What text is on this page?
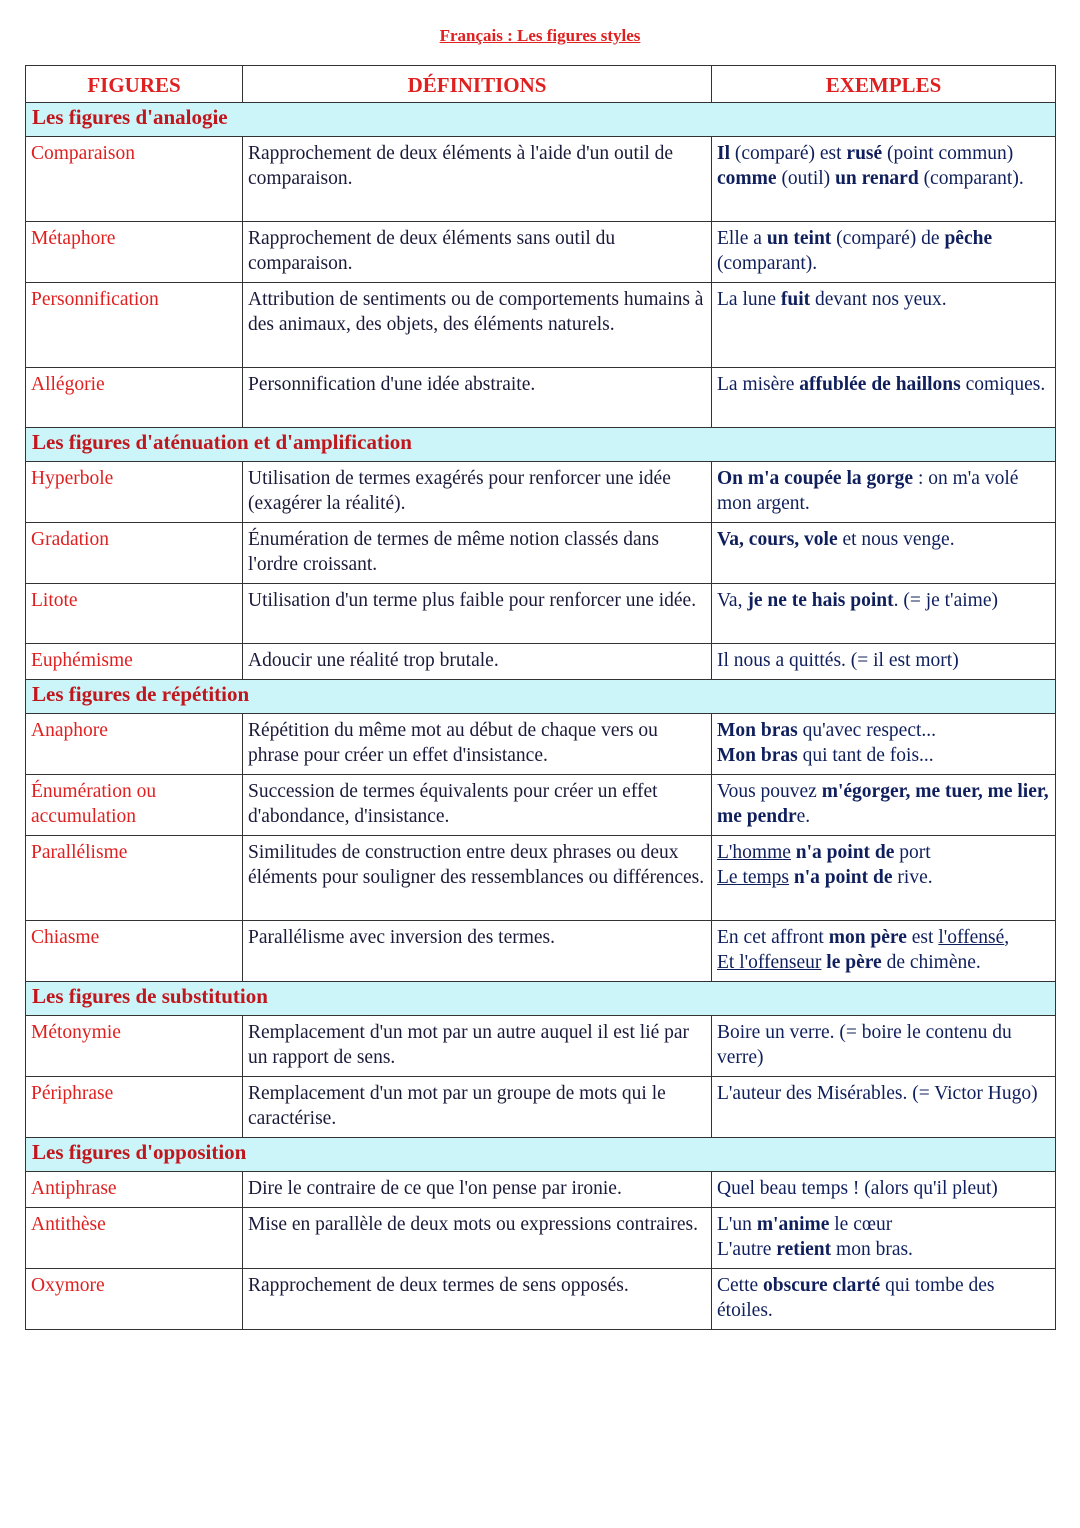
Français : Les figures styles
FIGURES	DÉFINITIONS	EXEMPLES
Les figures d'analogie		
Comparaison	Rapprochement de deux éléments à l'aide d'un outil de comparaison.	Il (comparé) est rusé (point commun) comme (outil) un renard (comparant).
Métaphore	Rapprochement de deux éléments sans outil du comparaison.	Elle a un teint (comparé) de pêche (comparant).
Personnification	Attribution de sentiments ou de comportements humains à des animaux, des objets, des éléments naturels.	La lune fuit devant nos yeux.
Allégorie	Personnification d'une idée abstraite.	La misère affublée de haillons comiques.
Les figures d'aténuation et d'amplification		
Hyperbole	Utilisation de termes exagérés pour renforcer une idée (exagérer la réalité).	On m'a coupée la gorge : on m'a volé mon argent.
Gradation	Énumération de termes de même notion classés dans l'ordre croissant.	Va, cours, vole et nous venge.
Litote	Utilisation d'un terme plus faible pour renforcer une idée.	Va, je ne te hais point. (= je t'aime)
Euphémisme	Adoucir une réalité trop brutale.	Il nous a quittés. (= il est mort)
Les figures de répétition		
Anaphore	Répétition du même mot au début de chaque vers ou phrase pour créer un effet d'insistance.	Mon bras qu'avec respect...
Mon bras qui tant de fois...
Énumération ou accumulation	Succession de termes équivalents pour créer un effet d'abondance, d'insistance.	Vous pouvez m'égorger, me tuer, me lier, me pendre.
Parallélisme	Similitudes de construction entre deux phrases ou deux éléments pour souligner des ressemblances ou différences.	L'homme n'a point de port
Le temps n'a point de rive.
Chiasme	Parallélisme avec inversion des termes.	En cet affront mon père est l'offensé,
Et l'offenseur le père de chimène.
Les figures de substitution		
Métonymie	Remplacement d'un mot par un autre auquel il est lié par un rapport de sens.	Boire un verre. (= boire le contenu du verre)
Périphrase	Remplacement d'un mot par un groupe de mots qui le caractérise.	L'auteur des Misérables. (= Victor Hugo)
Les figures d'opposition		
Antiphrase	Dire le contraire de ce que l'on pense par ironie.	Quel beau temps ! (alors qu'il pleut)
Antithèse	Mise en parallèle de deux mots ou expressions contraires.	L'un m'anime le cœur
L'autre retient mon bras.
Oxymore	Rapprochement de deux termes de sens opposés.	Cette obscure clarté qui tombe des étoiles.
